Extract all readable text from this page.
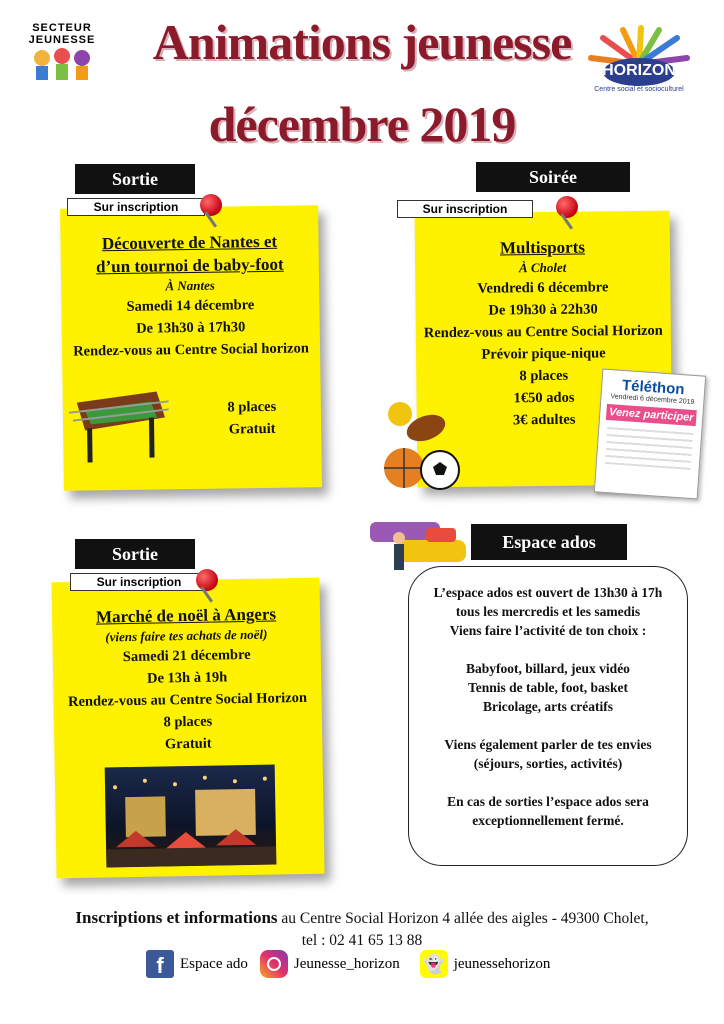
SECTEUR JEUNESSE	Animations jeunesse
décembre 2019
HORIZON
Centre social et socioculturel
Sortie
Découverte de Nantes et
d’un tournoi de baby-foot
À Nantes
Samedi 14 décembre
De 13h30 à 17h30
Rendez-vous au Centre Social horizon
8 places
Gratuit
Sur inscription
Soirée
Multisports
À Cholet
Vendredi 6 décembre
De 19h30 à 22h30
Rendez-vous au Centre Social Horizon
Prévoir pique-nique
8 places
1€50 ados
3€ adultes
Sur inscription
Téléthon
Vendredi 6 décembre 2019
Venez participer
Sortie
Marché de noël à Angers
(viens faire tes achats de noël)
Samedi 21 décembre
De 13h à 19h
Rendez-vous au Centre Social Horizon
8 places
Gratuit
Sur inscription
Espace ados
L’espace ados est ouvert de 13h30 à 17h
tous les mercredis et les samedis
Viens faire l’activité de ton choix :
Babyfoot, billard, jeux vidéo
Tennis de table, foot, basket
Bricolage, arts créatifs
Viens également parler de tes envies
(séjours, sorties, activités)
En cas de sorties l’espace ados sera
exceptionnellement fermé.
Inscriptions et informations au Centre Social Horizon 4 allée des aigles - 49300 Cholet,
tel : 02 41 65 13 88
f	Espace ado	Jeunesse_horizon 👻 jeunessehorizon
